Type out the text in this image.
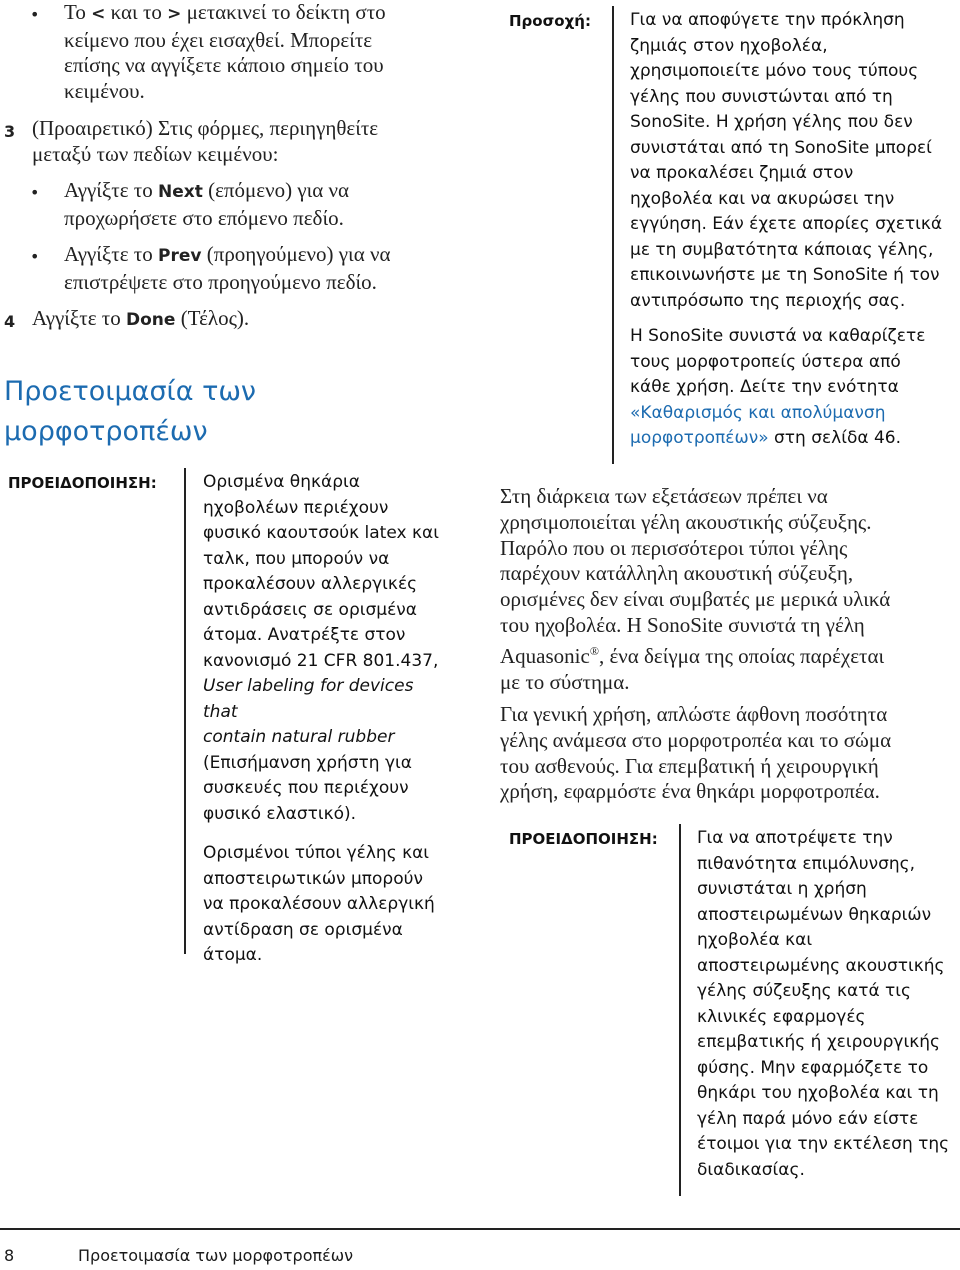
• Το < και το > μετακινεί το δείκτη στο
κείμενο που έχει εισαχθεί. Μπορείτε
επίσης να αγγίξετε κάποιο σημείο του
κειμένου.
3 (Προαιρετικό) Στις φόρμες, περιηγηθείτε
μεταξύ των πεδίων κειμένου:
• Αγγίξτε το Next (επόμενο) για να
προχωρήσετε στο επόμενο πεδίο.
• Αγγίξτε το Prev (προηγούμενο) για να
επιστρέψετε στο προηγούμενο πεδίο.
4 Αγγίξτε το Done (Τέλος).
Προετοιμασία των
μορφοτροπέων
ΠΡΟΕΙΔΟΠΟΙΗΣΗ:	Ορισμένα θηκάρια
ηχοβολέων περιέχουν
φυσικό καουτσούκ latex και
ταλκ, που μπορούν να
προκαλέσουν αλλεργικές
αντιδράσεις σε ορισμένα
άτομα. Ανατρέξτε στον
κανονισμό 21 CFR 801.437,
User labeling for devices that
contain natural rubber
(Επισήμανση χρήστη για
συσκευές που περιέχουν
φυσικό ελαστικό).

Ορισμένοι τύποι γέλης και
αποστειρωτικών μπορούν
να προκαλέσουν αλλεργική
αντίδραση σε ορισμένα
άτομα.

Προσοχή: Για να αποφύγετε την πρόκληση
ζημιάς στον ηχοβολέα,
χρησιμοποιείτε μόνο τους τύπους
γέλης που συνιστώνται από τη
SonoSite. Η χρήση γέλης που δεν
συνιστάται από τη SonoSite μπορεί
να προκαλέσει ζημιά στον
ηχοβολέα και να ακυρώσει την
εγγύηση. Εάν έχετε απορίες σχετικά
με τη συμβατότητα κάποιας γέλης,
επικοινωνήστε με τη SonoSite ή τον
αντιπρόσωπο της περιοχής σας.

Η SonoSite συνιστά να καθαρίζετε
τους μορφοτροπείς ύστερα από
κάθε χρήση. Δείτε την ενότητα
«Καθαρισμός και απολύμανση
μορφοτροπέων» στη σελίδα 46.

Στη διάρκεια των εξετάσεων πρέπει να
χρησιμοποιείται γέλη ακουστικής σύζευξης.
Παρόλο που οι περισσότεροι τύποι γέλης
παρέχουν κατάλληλη ακουστική σύζευξη,
ορισμένες δεν είναι συμβατές με μερικά υλικά
του ηχοβολέα. Η SonoSite συνιστά τη γέλη
Aquasonic®, ένα δείγμα της οποίας παρέχεται
με το σύστημα.

Για γενική χρήση, απλώστε άφθονη ποσότητα
γέλης ανάμεσα στο μορφοτροπέα και το σώμα
του ασθενούς. Για επεμβατική ή χειρουργική
χρήση, εφαρμόστε ένα θηκάρι μορφοτροπέα.

ΠΡΟΕΙΔΟΠΟΙΗΣΗ: Για να αποτρέψετε την
πιθανότητα επιμόλυνσης,
συνιστάται η χρήση
αποστειρωμένων θηκαριών
ηχοβολέα και
αποστειρωμένης ακουστικής
γέλης σύζευξης κατά τις
κλινικές εφαρμογές
επεμβατικής ή χειρουργικής
φύσης. Μην εφαρμόζετε το
θηκάρι του ηχοβολέα και τη
γέλη παρά μόνο εάν είστε
έτοιμοι για την εκτέλεση της
διαδικασίας.

8	Προετοιμασία των μορφοτροπέων
